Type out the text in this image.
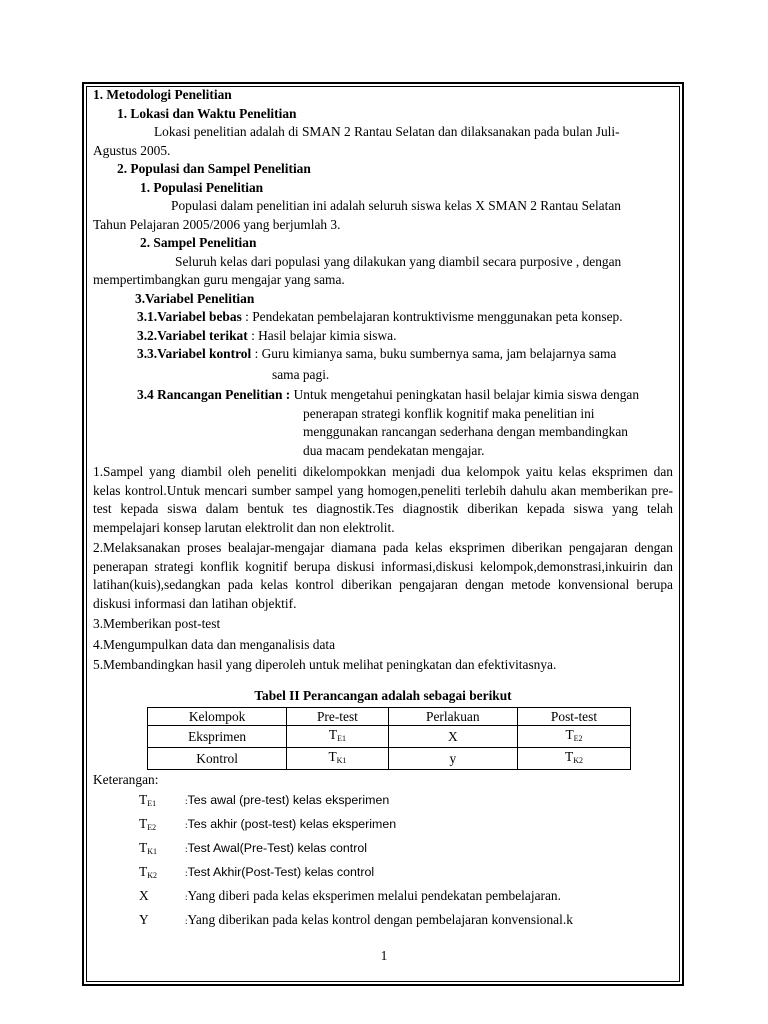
1. Metodologi Penelitian
1. Lokasi dan Waktu Penelitian
Lokasi penelitian adalah di SMAN 2 Rantau Selatan dan dilaksanakan pada bulan Juli-
Agustus 2005.
2. Populasi dan Sampel Penelitian
1. Populasi Penelitian
Populasi dalam penelitian ini adalah seluruh siswa kelas X SMAN 2 Rantau Selatan
Tahun Pelajaran 2005/2006 yang berjumlah 3.
2. Sampel Penelitian
Seluruh kelas dari populasi yang dilakukan yang diambil secara purposive , dengan
mempertimbangkan guru mengajar yang sama.
3.Variabel Penelitian
3.1.Variabel bebas : Pendekatan pembelajaran kontruktivisme menggunakan peta konsep.
3.2.Variabel terikat : Hasil belajar kimia siswa.
3.3.Variabel kontrol : Guru kimianya sama, buku sumbernya sama, jam belajarnya sama
sama pagi.
3.4 Rancangan Penelitian : Untuk mengetahui peningkatan hasil belajar kimia siswa dengan
penerapan strategi konflik kognitif maka penelitian ini
menggunakan rancangan sederhana dengan membandingkan
dua macam pendekatan mengajar.
1.Sampel yang diambil oleh peneliti dikelompokkan menjadi dua kelompok yaitu kelas eksprimen dan kelas kontrol.Untuk mencari sumber sampel yang homogen,peneliti terlebih dahulu akan memberikan pre-test kepada siswa dalam bentuk tes diagnostik.Tes diagnostik diberikan kepada siswa yang telah mempelajari konsep larutan elektrolit dan non elektrolit.
2.Melaksanakan proses bealajar-mengajar diamana pada kelas eksprimen diberikan pengajaran dengan penerapan strategi konflik kognitif berupa diskusi informasi,diskusi kelompok,demonstrasi,inkuirin dan latihan(kuis),sedangkan pada kelas kontrol diberikan pengajaran dengan metode konvensional berupa diskusi informasi dan latihan objektif.
3.Memberikan post-test
4.Mengumpulkan data dan menganalisis data
5.Membandingkan hasil yang diperoleh untuk melihat peningkatan dan efektivitasnya.
Tabel II Perancangan adalah sebagai berikut
Kelompok	Pre-test	Perlakuan	Post-test
Eksprimen	$T_{E1}$	X	$T_{E2}$
Kontrol	$T_{K1}$	y	$T_{K2}$
Keterangan:
$T_{E1}$	:Tes awal (pre-test) kelas eksperimen
$T_{E2}$	:Tes akhir (post-test) kelas eksperimen
$T_{K1}$	:Test Awal(Pre-Test) kelas control
$T_{K2}$	:Test Akhir(Post-Test) kelas control
X	:Yang diberi pada kelas eksperimen melalui pendekatan pembelajaran.
Y	:Yang diberikan pada kelas kontrol dengan pembelajaran konvensional.k
1
